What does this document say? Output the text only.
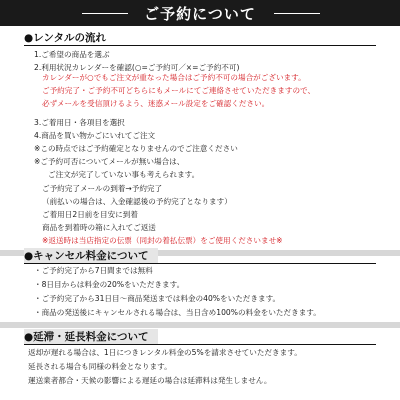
ご予約について
●レンタルの流れ
1.ご希望の商品を選ぶ
2.利用状況カレンダーを確認(○=ご予約可／×=ご予約不可)
カレンダーが○でもご注文が重なった場合はご予約不可の場合がございます。
ご予約完了・ご予約不可どちらにもメールにてご連絡させていただきますので、
必ずメールを受信頂けるよう、迷惑メール設定をご確認ください。
3.ご着用日・各項目を選択
4.商品を買い物かごにいれてご注文
※この時点ではご予約確定となりませんのでご注意ください
※ご予約可否についてメールが無い場合は、
ご注文が完了していない事も考えられます。
ご予約完了メールの到着→予約完了
（前払いの場合は、入金確認後の予約完了となります）
ご着用日2日前を目安に到着
商品を到着時の箱に入れてご返送
※返送時は当店指定の伝票（同封の着払伝票）をご使用くださいませ※
●キャンセル料金について
・ご予約完了から7日間までは無料
・8日目からは料金の20%をいただきます。
・ご予約完了から31日目～商品発送までは料金の40%をいただきます。
・商品の発送後にキャンセルされる場合は、当日含め100%の料金をいただきます。
●延滞・延長料金について
返却が遅れる場合は、1日につきレンタル料金の5%を請求させていただきます。
延長される場合も同様の料金となります。
運送業者都合・天候の影響による遅延の場合は延滞料は発生しません。
